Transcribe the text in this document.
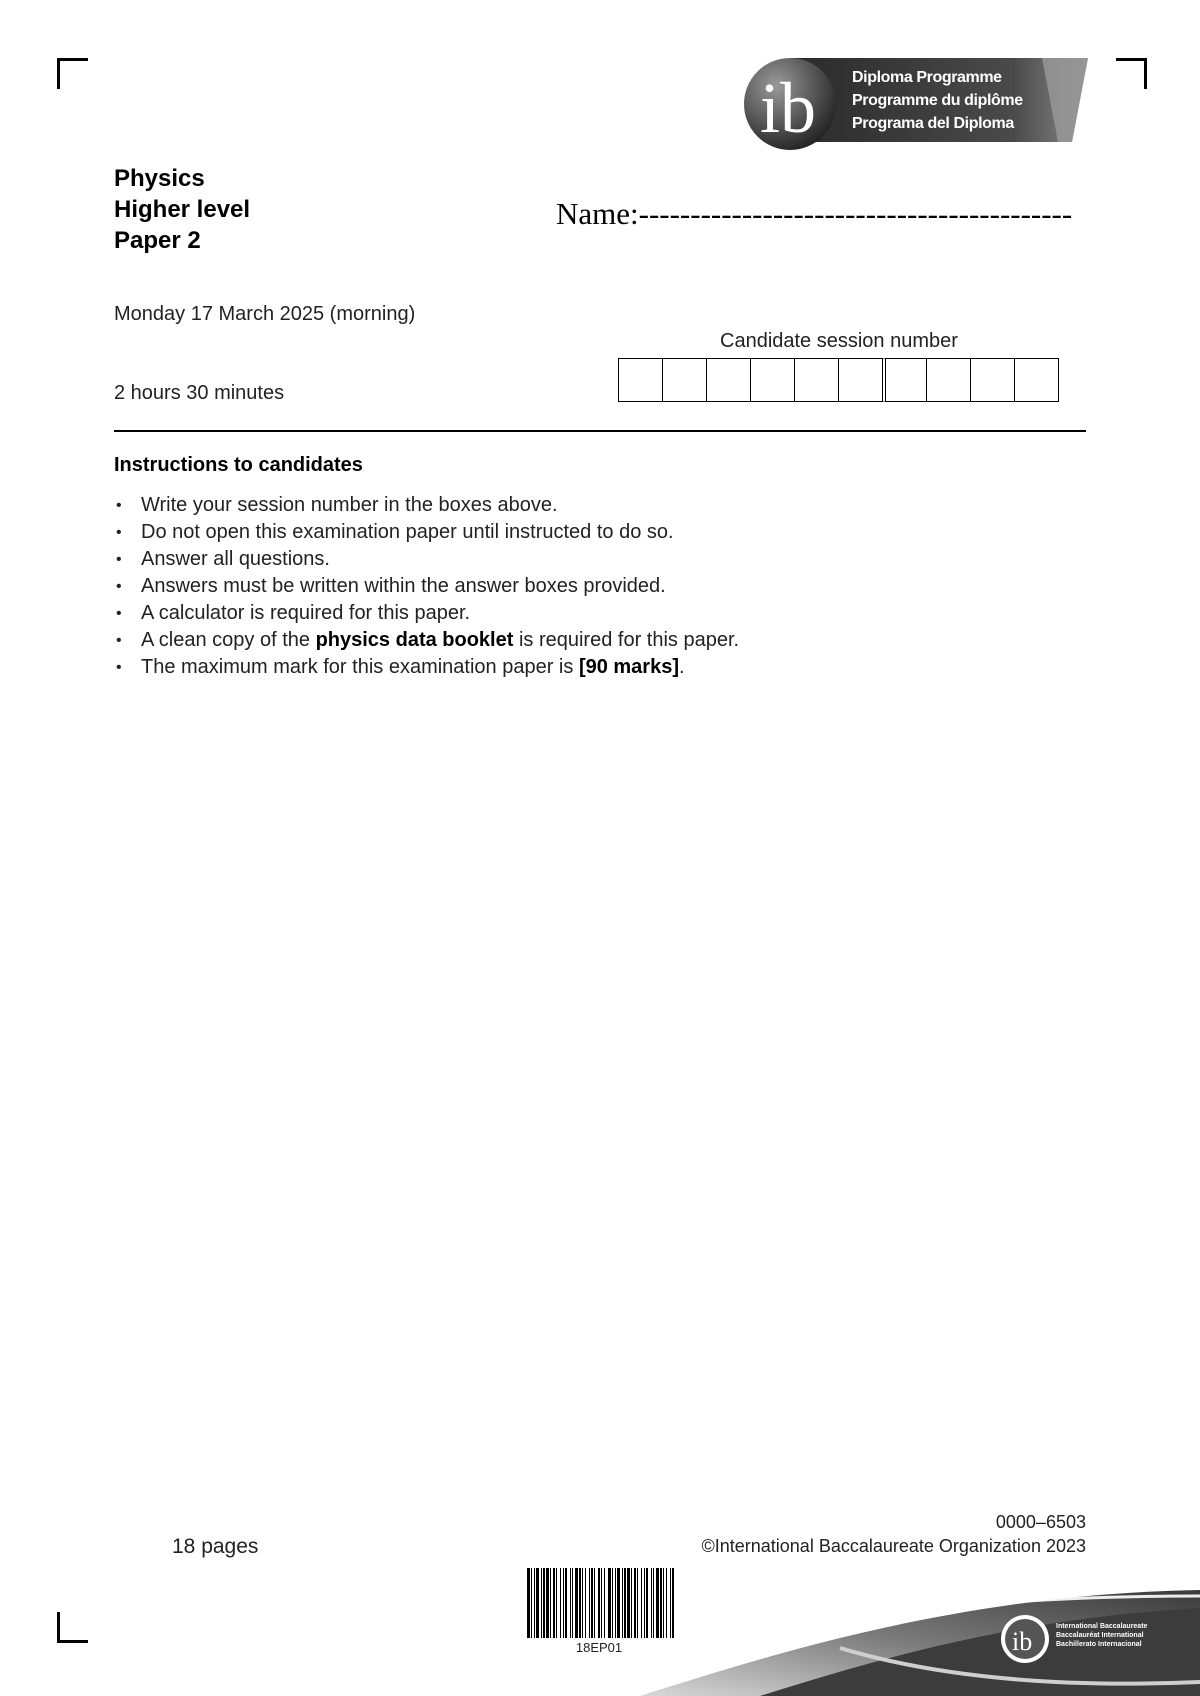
ib Diploma Programme
Programme du diplôme
Programa del Diploma
Physics
Higher level
Paper 2
Name:------------------------------------------
Monday 17 March 2025 (morning)
2 hours 30 minutes
Candidate session number
Instructions to candidates
• Write your session number in the boxes above.
• Do not open this examination paper until instructed to do so.
• Answer all questions.
• Answers must be written within the answer boxes provided.
• A calculator is required for this paper.
• A clean copy of the physics data booklet is required for this paper.
• The maximum mark for this examination paper is [90 marks].
18 pages
0000–6503
©International Baccalaureate Organization 2023
18EP01	ib
International Baccalaureate
Baccalauréat International
Bachillerato Internacional
